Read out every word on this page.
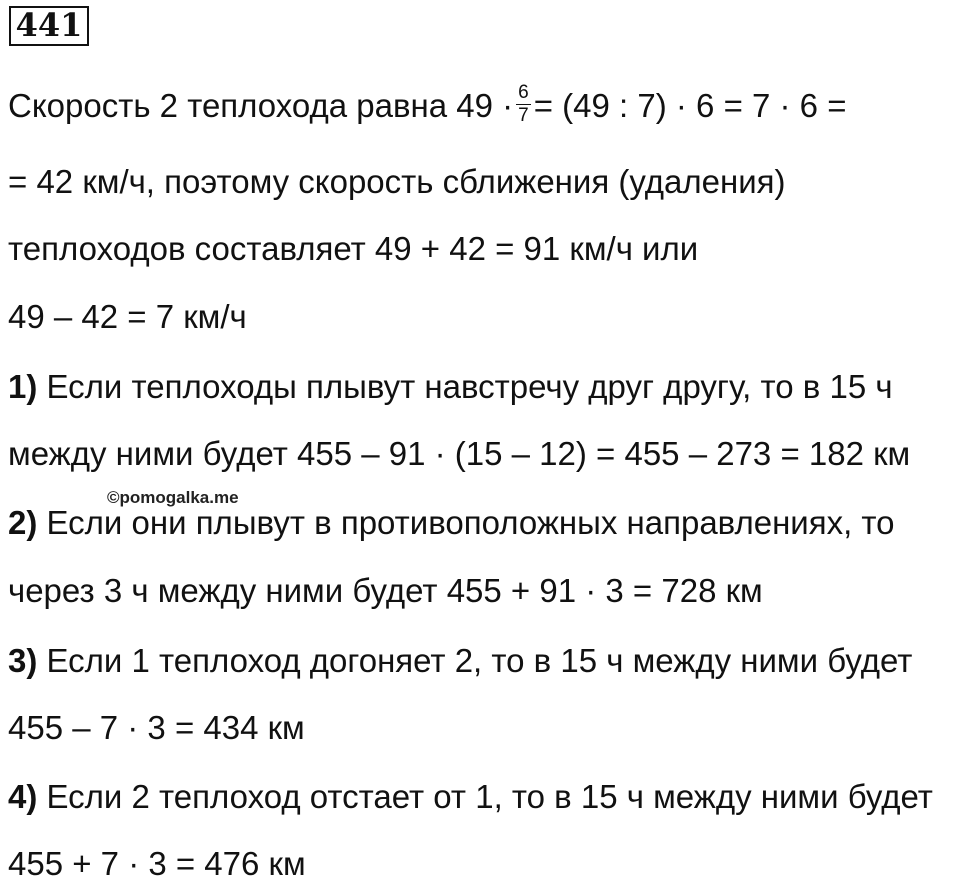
441
Скорость 2 теплохода равна $49 \cdot \frac{6}{7} = (49$ : 7) · 6 = 7 · 6 =
= 42 км/ч, поэтому скорость сближения (удаления)
теплоходов составляет 49 + 42 = 91 км/ч или
49 – 42 = 7 км/ч
1) Если теплоходы плывут навстречу друг другу, то в 15 ч
между ними будет 455 – 91 · (15 – 12) = 455 – 273 = 182 км
©pomogalka.me
2) Если они плывут в противоположных направлениях, то
через 3 ч между ними будет 455 + 91 · 3 = 728 км
3) Если 1 теплоход догоняет 2, то в 15 ч между ними будет
455 – 7 · 3 = 434 км
4) Если 2 теплоход отстает от 1, то в 15 ч между ними будет
455 + 7 · 3 = 476 км
